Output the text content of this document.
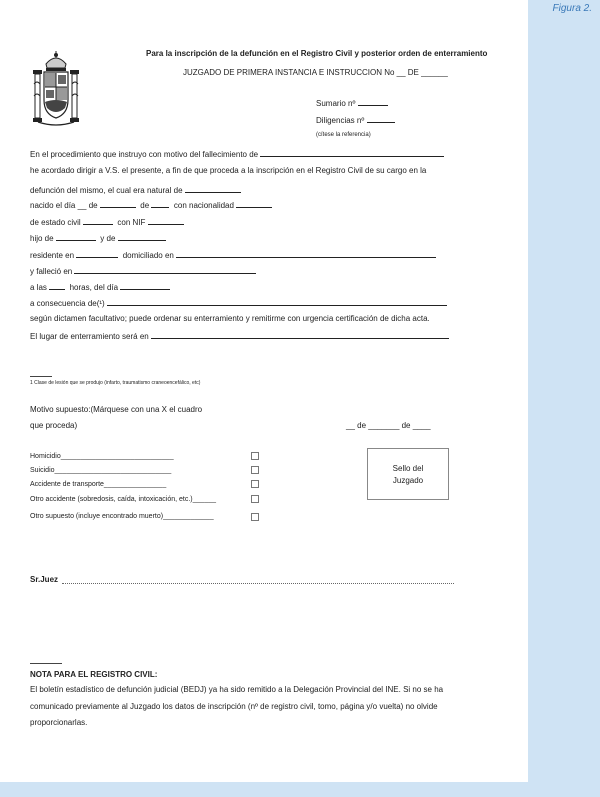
Para la inscripción de la defunción en el Registro Civil y posterior orden de enterramiento
JUZGADO DE PRIMERA INSTANCIA E INSTRUCCION No __ DE ______
Sumario nº
Diligencias nº
(cítese la referencia)
En el procedimiento que instruyo con motivo del fallecimiento de
he acordado dirigir a V.S. el presente, a fin de que proceda a la inscripción en el Registro Civil de su cargo en la
defunción del mismo, el cual era natural de
nacido el día __ de	de	con nacionalidad
de estado civil	con NIF
hijo de	y de
residente en	domiciliado en
y falleció en
a las	horas, del día
a consecuencia de(¹)
según dictamen facultativo; puede ordenar su enterramiento y remitirme con urgencia certificación de dicha acta.
El lugar de enterramiento será en
1 Clase de lesión que se produjo (infarto, traumatismo craneoencefálico, etc)
Motivo supuesto:(Márquese con una X el cuadro
que proceda)	__ de _______ de ____
Homicidio_____________________________
Suicidio______________________________
Accidente de transporte________________
Otro accidente (sobredosis, caída, intoxicación, etc.)______
Otro supuesto (incluye encontrado muerto)_____________
Sello del
Juzgado
Sr.Juez
NOTA PARA EL REGISTRO CIVIL:
El boletín estadístico de defunción judicial (BEDJ) ya ha sido remitido a la Delegación Provincial del INE. Si no se ha
comunicado previamente al Juzgado los datos de inscripción (nº de registro civil, tomo, página y/o vuelta) no olvide
proporcionarlas.
Figura 2.
